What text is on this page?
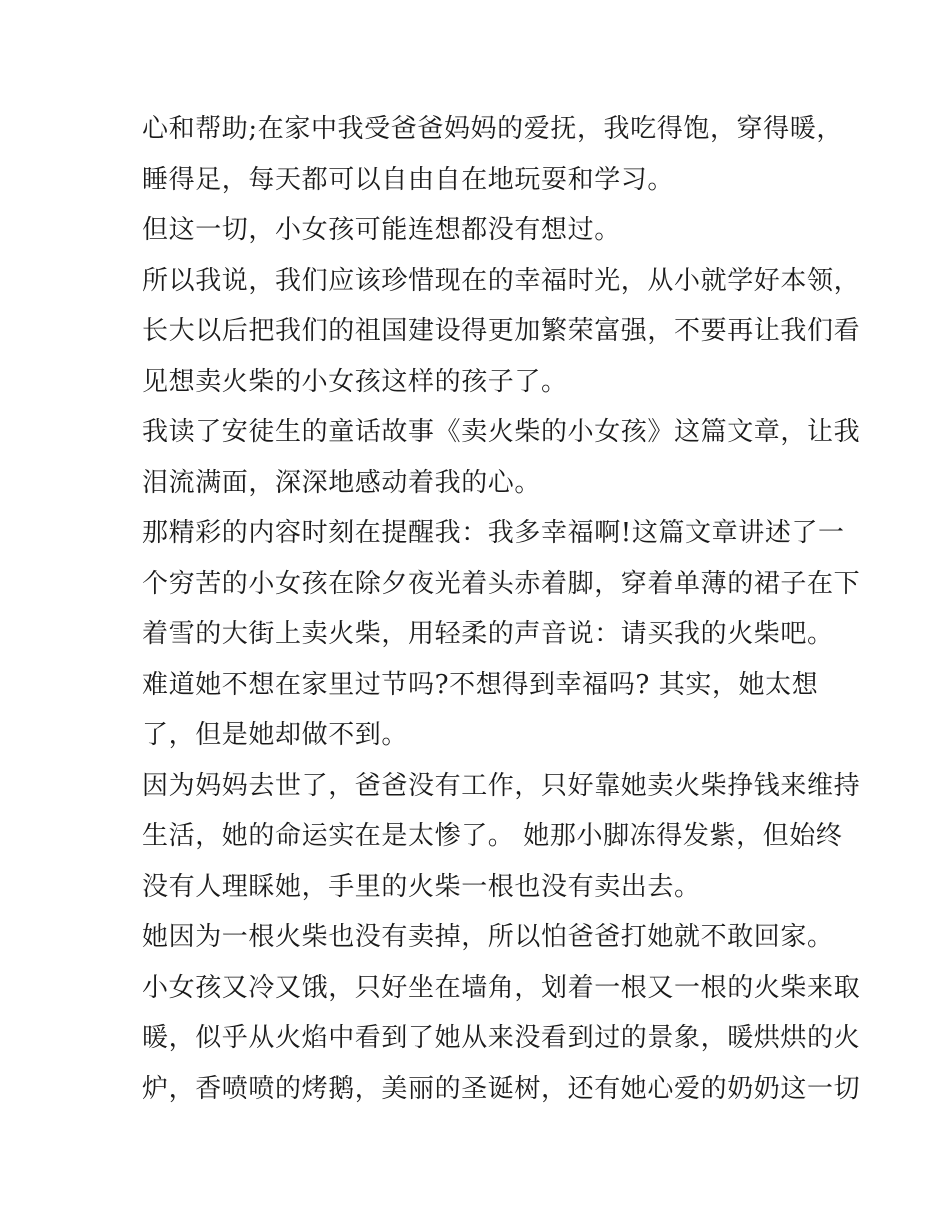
心和帮助;在家中我受爸爸妈妈的爱抚，我吃得饱，穿得暖，
睡得足，每天都可以自由自在地玩耍和学习。
但这一切，小女孩可能连想都没有想过。
所以我说，我们应该珍惜现在的幸福时光，从小就学好本领，
长大以后把我们的祖国建设得更加繁荣富强，不要再让我们看
见想卖火柴的小女孩这样的孩子了。
我读了安徒生的童话故事《卖火柴的小女孩》这篇文章，让我
泪流满面，深深地感动着我的心。
那精彩的内容时刻在提醒我：我多幸福啊!这篇文章讲述了一
个穷苦的小女孩在除夕夜光着头赤着脚，穿着单薄的裙子在下
着雪的大街上卖火柴，用轻柔的声音说：请买我的火柴吧。
难道她不想在家里过节吗?不想得到幸福吗? 其实，她太想
了，但是她却做不到。
因为妈妈去世了，爸爸没有工作，只好靠她卖火柴挣钱来维持
生活，她的命运实在是太惨了。 她那小脚冻得发紫，但始终
没有人理睬她，手里的火柴一根也没有卖出去。
她因为一根火柴也没有卖掉，所以怕爸爸打她就不敢回家。
小女孩又冷又饿，只好坐在墙角，划着一根又一根的火柴来取
暖，似乎从火焰中看到了她从来没看到过的景象，暖烘烘的火
炉，香喷喷的烤鹅，美丽的圣诞树，还有她心爱的奶奶这一切
